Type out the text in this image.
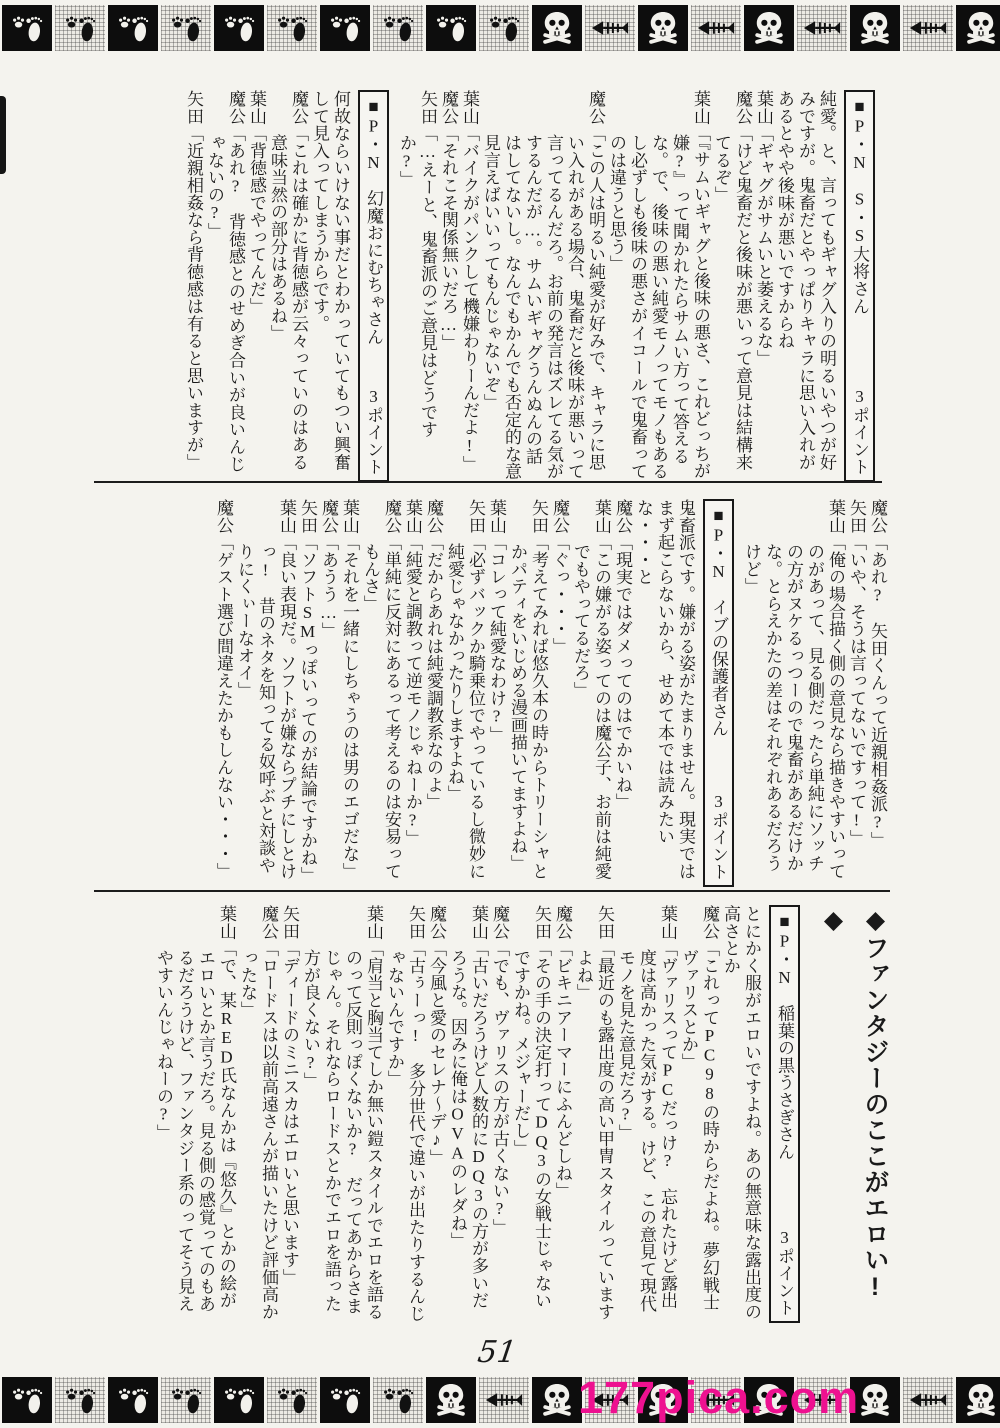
■P・N　S・S大将さん
3ポイント
純愛。と、言ってもギャグ入りの明るいやつが好みですが。鬼畜だとやっぱりキャラに思い入れがあるとやや後味が悪いですからね
葉山「ギャグがサムいと萎えるな」
魔公「けど鬼畜だと後味が悪いって意見は結構来てるぞ」
葉山「『サムいギャグと後味の悪さ、これどっちが嫌?』って聞かれたらサムい方って答えるな。で、後味の悪い純愛モノってモノもあるし必ずしも後味の悪さがイコールで鬼畜ってのは違うと思う」
魔公「この人は明るい純愛が好みで、キャラに思い入れがある場合、鬼畜だと後味が悪いって言ってるんだろ。お前の発言はズレてる気がするんだが…。サムいギャグうんぬんの話はしてないし。なんでもかんでも否定的な意見言えばいいってもんじゃないぞ」
葉山「バイクがパンクして機嫌わりーんだよ!」
魔公「それこそ関係無いだろ…」
矢田「…えーと、鬼畜派のご意見はどうですか?」
■P・N　幻魔おにむちゃさん
3ポイント
何故ならいけない事だとわかっていてもつい興奮して見入ってしまうからです。
魔公「これは確かに背徳感が云々っていのはある意味当然の部分はあるね」
葉山「背徳感でやってんだ」
魔公「あれ?　背徳感とのせめぎ合いが良いんじゃないの?」
矢田「近親相姦なら背徳感は有ると思いますが」
魔公「あれ?　矢田くんって近親相姦派?」
矢田「いや、そうは言ってないですって!」
葉山「俺の場合描く側の意見なら描きやすいってのがあって、見る側だったら単純にソッチの方がヌケるっつーので鬼畜があるだけかな。とらえかたの差はそれぞれあるだろうけど」
■P・N　イブの保護者さん
3ポイント
鬼畜派です。嫌がる姿がたまりません。現実ではまず起こらないから、せめて本では読みたいな・・・と
魔公「現実ではダメってのはでかいね」
葉山「この嫌がる姿ってのは魔公子、お前は純愛でもやってるだろ」
魔公「ぐっ・・・」
矢田「考えてみれば悠久本の時からトリーシャとかパティをいじめる漫画描いてますよね」
葉山「コレって純愛なわけ?」
矢田「必ずバックか騎乗位でやっているし微妙に純愛じゃなかったりしますよね」
魔公「だからあれは純愛調教系なのよ」
葉山「純愛と調教って逆モノじゃねーか?」
魔公「単純に反対にあるって考えるのは安易ってもんさ」
葉山「それを一緒にしちゃうのは男のエゴだな」
魔公「あうう…」
矢田「ソフトSMっぽいってのが結論ですかね」
葉山「良い表現だ。ソフトが嫌ならプチにしとけっ!　昔のネタを知ってる奴呼ぶと対談やりにくぃーなオイ」
魔公「ゲスト選び間違えたかもしんない・・・」
◆ファンタジーのここがエロい!◆
■P・N　稲葉の黒うさぎさん
3ポイント
とにかく服がエロいですよね。あの無意味な露出度の高さとか
魔公「これってPC98の時からだよね。夢幻戦士ヴァリスとか」
葉山「ヴァリスってPCだっけ?　忘れたけど露出度は高かった気がする。けど、この意見て現代モノを見た意見だろ?」
矢田「最近のも露出度の高い甲冑スタイルっていますよね」
魔公「ビキニアーマーにふんどしね」
矢田「その手の決定打ってDQ3の女戦士じゃないですかね。メジャーだし」
魔公「でも、ヴァリスの方が古くない?」
葉山「古いだろうけど人数的にDQ3の方が多いだろうな。因みに俺はOVAのレダね」
魔公「今風と愛のセレナ〜デ♪」
矢田「古ぅーっ!　多分世代で違いが出たりするんじゃないんですか」
葉山「肩当と胸当てしか無い鎧スタイルでエロを語るのって反則っぽくないか?　だってあからさまじゃん。それならロードスとかでエロを語った方が良くない?」
矢田「ディードのミニスカはエロいと思います」
魔公「ロードスは以前高遠さんが描いたけど評価高かったな」
葉山「で、某RED氏なんかは『悠久』とかの絵がエロいとか言うだろ。見る側の感覚ってのもあるだろうけど、ファンタジー系のってそう見えやすいんじゃねーの?」
51
177pica.com
